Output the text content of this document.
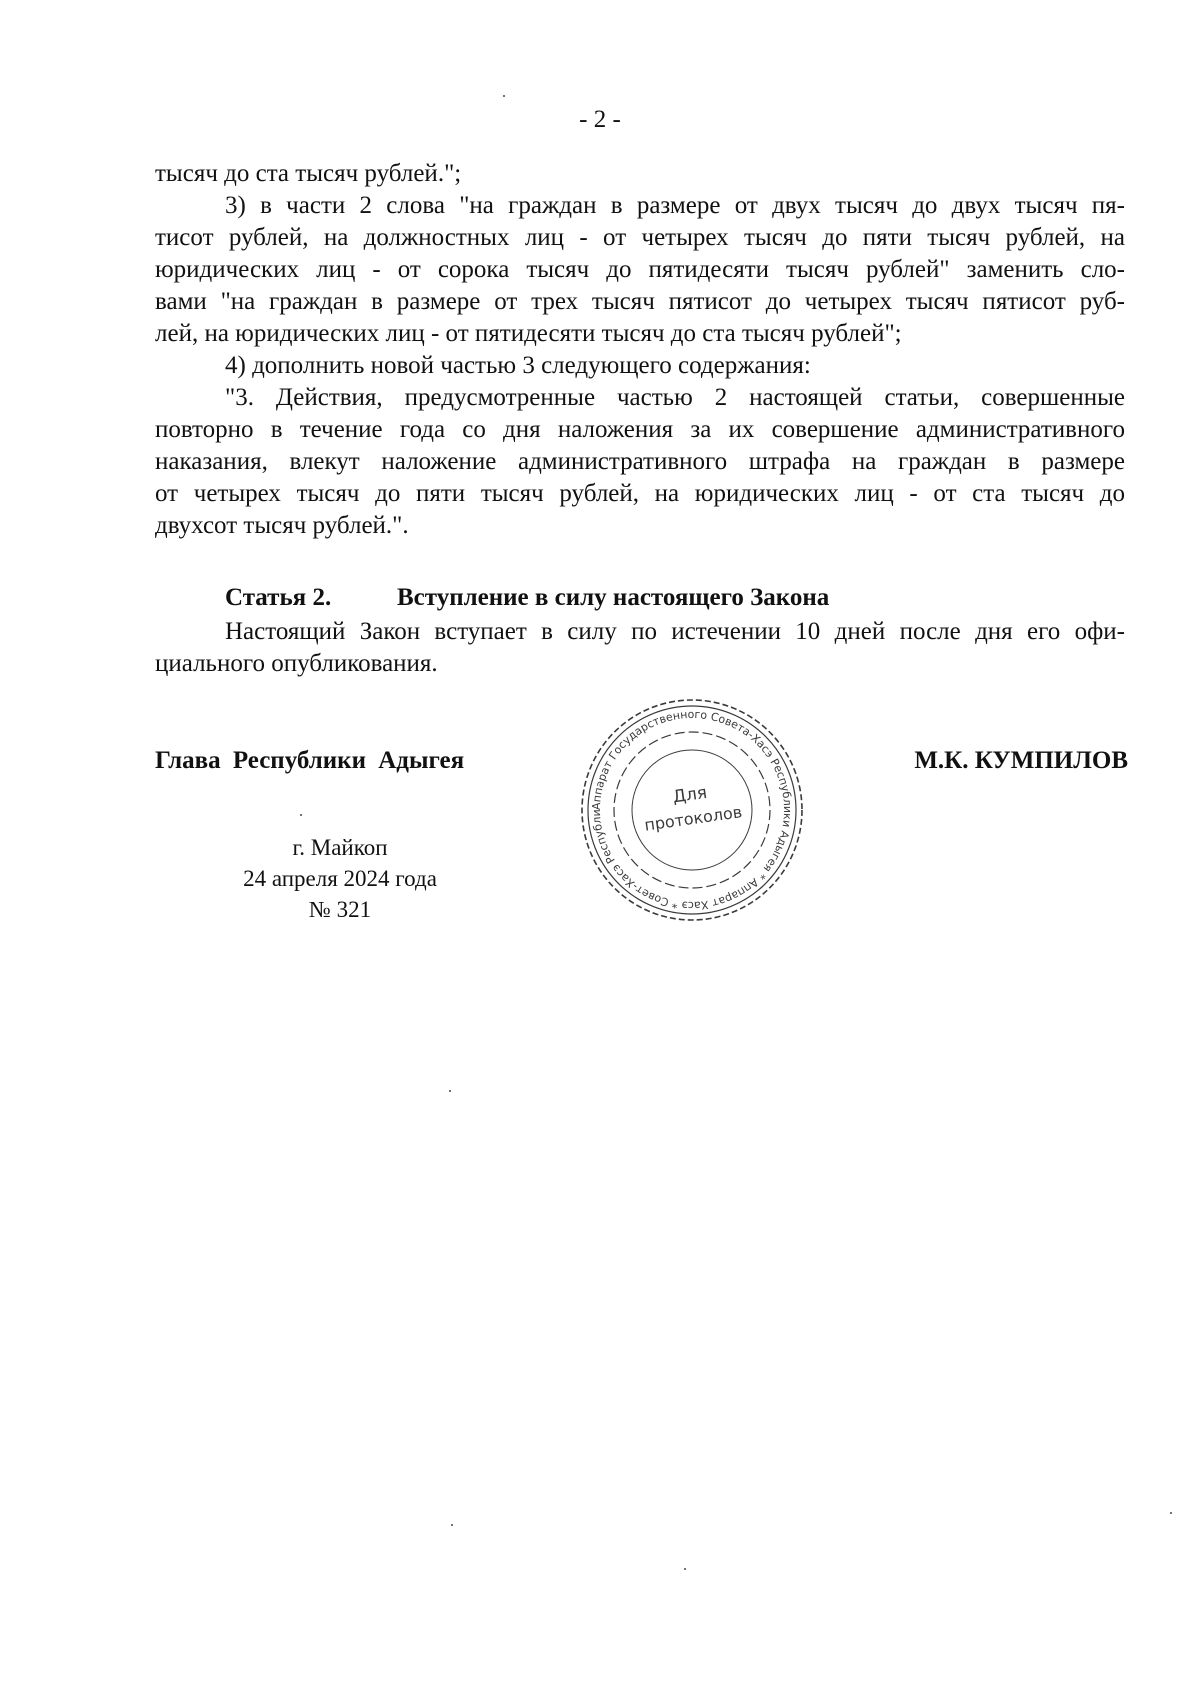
- 2 -

тысяч до ста тысяч рублей.";

3) в части 2 слова "на граждан в размере от двух тысяч до двух тысяч пя-

тисот рублей, на должностных лиц - от четырех тысяч до пяти тысяч рублей, на

юридических лиц - от сорока тысяч до пятидесяти тысяч рублей" заменить сло-

вами "на граждан в размере от трех тысяч пятисот до четырех тысяч пятисот руб-

лей, на юридических лиц - от пятидесяти тысяч до ста тысяч рублей";

4) дополнить новой частью 3 следующего содержания:

"3. Действия, предусмотренные частью 2 настоящей статьи, совершенные

повторно в течение года со дня наложения за их совершение административного

наказания, влекут наложение административного штрафа на граждан в размере

от четырех тысяч до пяти тысяч рублей, на юридических лиц - от ста тысяч до

двухсот тысяч рублей.".

Статья 2.	Вступление в силу настоящего Закона

Настоящий Закон вступает в силу по истечении 10 дней после дня его офи-

циального опубликования.

Глава Республики Адыгея	М.К. КУМПИЛОВ

г. Майкоп
24 апреля 2024 года
№ 321
Аппарат Государственного Совета-Хасэ Республики Адыгея * Аппарат Хасэ * Совет-Хасэ Республи
Для
протоколов
